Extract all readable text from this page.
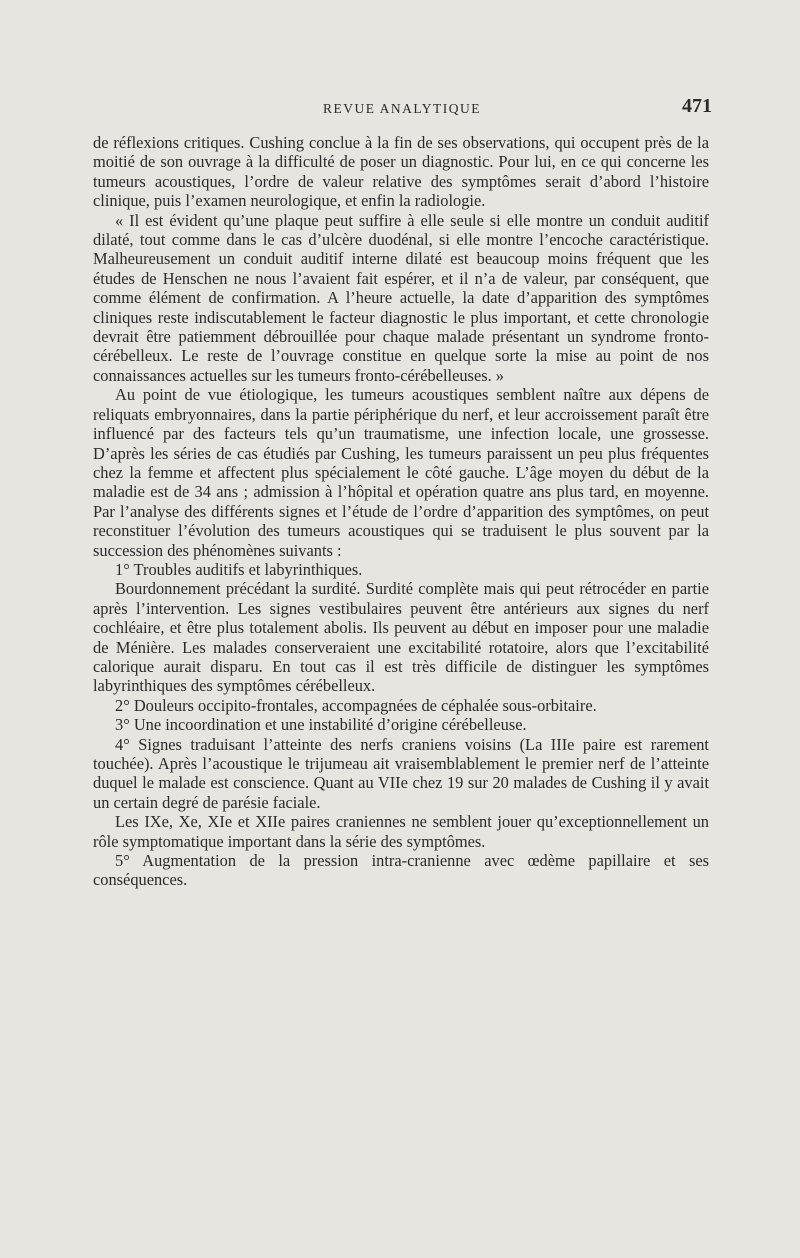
REVUE ANALYTIQUE	471

de réflexions critiques. Cushing conclue à la fin de ses observations, qui occupent près de la moitié de son ouvrage à la difficulté de poser un diagnostic. Pour lui, en ce qui concerne les tumeurs acoustiques, l’ordre de valeur relative des symptômes serait d’abord l’histoire clinique, puis l’examen neurologique, et enfin la radiologie.

« Il est évident qu’une plaque peut suffire à elle seule si elle montre un conduit auditif dilaté, tout comme dans le cas d’ulcère duodénal, si elle montre l’encoche caractéristique. Malheureusement un conduit auditif interne dilaté est beaucoup moins fréquent que les études de Henschen ne nous l’avaient fait espérer, et il n’a de valeur, par conséquent, que comme élément de confirmation. A l’heure actuelle, la date d’apparition des symptômes cliniques reste indiscutablement le facteur diagnostic le plus important, et cette chronologie devrait être patiemment débrouillée pour chaque malade présentant un syndrome fronto-cérébelleux. Le reste de l’ouvrage constitue en quelque sorte la mise au point de nos connaissances actuelles sur les tumeurs fronto-cérébelleuses. »

Au point de vue étiologique, les tumeurs acoustiques semblent naître aux dépens de reliquats embryonnaires, dans la partie périphérique du nerf, et leur accroissement paraît être influencé par des facteurs tels qu’un traumatisme, une infection locale, une grossesse. D’après les séries de cas étudiés par Cushing, les tumeurs paraissent un peu plus fréquentes chez la femme et affectent plus spécialement le côté gauche. L’âge moyen du début de la maladie est de 34 ans ; admission à l’hôpital et opération quatre ans plus tard, en moyenne. Par l’analyse des différents signes et l’étude de l’ordre d’apparition des symptômes, on peut reconstituer l’évolution des tumeurs acoustiques qui se traduisent le plus souvent par la succession des phénomènes suivants :

1° Troubles auditifs et labyrinthiques.

Bourdonnement précédant la surdité. Surdité complète mais qui peut rétrocéder en partie après l’intervention. Les signes vestibulaires peuvent être antérieurs aux signes du nerf cochléaire, et être plus totalement abolis. Ils peuvent au début en imposer pour une maladie de Ménière. Les malades conserveraient une excitabilité rotatoire, alors que l’excitabilité calorique aurait disparu. En tout cas il est très difficile de distinguer les symptômes labyrinthiques des symptômes cérébelleux.

2° Douleurs occipito-frontales, accompagnées de céphalée sous-orbitaire.

3° Une incoordination et une instabilité d’origine cérébelleuse.

4° Signes traduisant l’atteinte des nerfs craniens voisins (La IIIe paire est rarement touchée). Après l’acoustique le trijumeau ait vraisemblablement le premier nerf de l’atteinte duquel le malade est conscience. Quant au VIIe chez 19 sur 20 malades de Cushing il y avait un certain degré de parésie faciale.

Les IXe, Xe, XIe et XIIe paires craniennes ne semblent jouer qu’exceptionnellement un rôle symptomatique important dans la série des symptômes.

5° Augmentation de la pression intra-cranienne avec œdème papillaire et ses conséquences.
